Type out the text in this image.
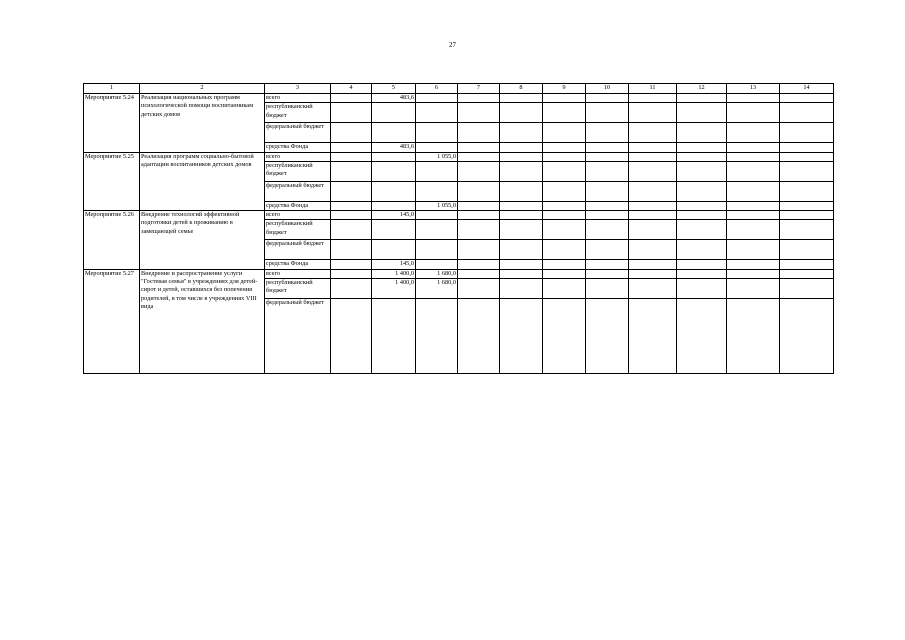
27
1	2	3	4	5	6	7	8	9	10	11	12	13	14
Мероприятие 5.24	Реализация национальных программ психологической помощи воспитанникам детских домов	всего		483,6									
		республиканский бюджет											
		федеральный бюджет											
		средства Фонда		483,6									
Мероприятие 5.25	Реализация программ социально-бытовой адаптации воспитанников детских домов	всего			1 055,0								
		республиканский бюджет											
		федеральный бюджет											
		средства Фонда			1 055,0								
Мероприятие 5.26	Внедрение технологий эффективной подготовки детей к проживанию в замещающей семье	всего		145,0									
		республиканский бюджет											
		федеральный бюджет											
		средства Фонда		145,0									
Мероприятие 5.27	Внедрение и распространение услуги "Гостевая семья" в учреждениях для детей-сирот и детей, оставшихся без попечения родителей, в том числе в учреждениях VIII вида	всего		1 400,0	1 680,0								
		республиканский бюджет		1 400,0	1 680,0								
		федеральный бюджет											
